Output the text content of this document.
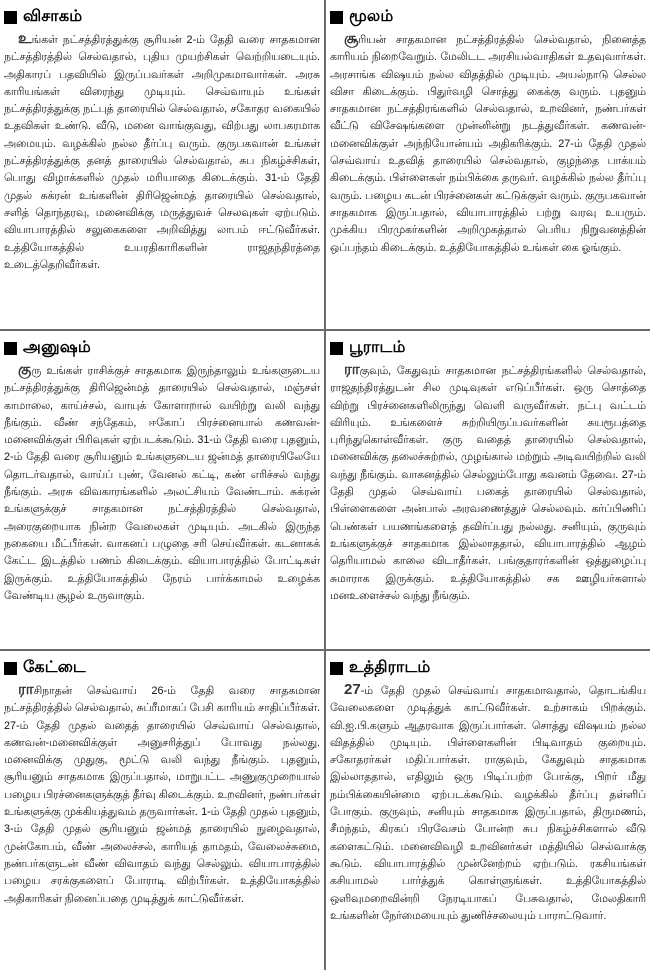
விசாகம்

உங்கள் நட்சத்திரத்துக்கு சூரியன் 2-ம் தேதி வரை சாதகமான நட்சத்திரத்தில் செல்வதால், புதிய முயற்சிகள் வெற்றியடையும். அதிகாரப் பதவியில் இருப்பவர்கள் அறிமுகமாவார்கள். அரசு காரியங்கள் விரைந்து முடியும். செவ்வாயும் உங்கள் நட்சத்திரத்துக்கு நட்புத் தாரையில் செல்வதால், சகோதர வகையில் உதவிகள் உண்டு. வீடு, மனை வாங்குவது, விற்பது லாபகரமாக அமையும். வழக்கில் நல்ல தீர்ப்பு வரும். குருபகவான் உங்கள் நட்சத்திரத்துக்கு தனத் தாரையில் செல்வதால், சுப நிகழ்ச்சிகள், பொது விழாக்களில் முதல் மரியாதை கிடைக்கும். 31-ம் தேதி முதல் சுக்ரன் உங்களின் திரிஜென்மத் தாரையில் செல்வதால், சளித் தொந்தரவு, மனைவிக்கு மருத்துவச் செலவுகள் ஏற்படும். வியாபாரத்தில் சலுகைகளை அறிவித்து லாபம் ஈட்டுவீர்கள். உத்தியோகத்தில் உயரதிகாரிகளின் ராஜதந்திரத்தை உடைத்தெறிவீர்கள்.

மூலம்

சூரியன் சாதகமான நட்சத்திரத்தில் செல்வதால், நினைத்த காரியம் நிறைவேறும். மேலிடட அரசியல்வாதிகள் உதவுவார்கள். அரசாங்க விஷயம் நல்ல விதத்தில் முடியும். அயல்நாடு செல்ல விசா கிடைக்கும். பிதுர்வழி சொத்து கைக்கு வரும். புதனும் சாதகமான நட்சத்திரங்களில் செல்வதால், உறவினர், நண்பர்கள் வீட்டு விசேஷங்களை முன்னின்று நடத்துவீர்கள். கணவன்-மனைவிக்குள் அந்நியோன்யம் அதிகரிக்கும். 27-ம் தேதி முதல் செவ்வாய் உதவித் தாரையில் செல்வதால், குழந்தை பாக்யம் கிடைக்கும். பிள்ளைகள் நம்பிக்கை தருவர். வழக்கில் நல்ல தீர்ப்பு வரும். பழைய கடன் பிரச்னைகள் கட்டுக்குள் வரும். குருபகவான் சாதகமாக இருப்பதால், வியாபாரத்தில் பற்று வரவு உயரும். முக்கிய பிரமுகர்களின் அறிமுகத்தால் பெரிய நிறுவனத்தின் ஒப்பந்தம் கிடைக்கும். உத்தியோகத்தில் உங்கள் கை ஓங்கும்.

அனுஷம்

குரு உங்கள் ராசிக்குச் சாதகமாக இருந்தாலும் உங்களுடைய நட்சத்திரத்துக்கு திரிஜென்மத் தாரையில் செல்வதால், மஞ்சள் காமாலை, காய்ச்சல், வாயுக் கோளாறால் வயிற்று வலி வந்து நீங்கும். வீண் சந்தேகம், ஈகோப் பிரச்னையால் கணவன்-மனைவிக்குள் பிரிவுகள் ஏற்படக்கூடும். 31-ம் தேதி வரை புதனும், 2-ம் தேதி வரை சூரியனும் உங்களுடைய ஜன்மத் தாரையிலேயே தொடர்வதால், வாய்ப் புண், வேனல் கட்டி, கண் எரிச்சல் வந்து நீங்கும். அரசு விவகாரங்களில் அலட்சியம் வேண்டாம். சுக்ரன் உங்களுக்குச் சாதகமான நட்சத்திரத்தில் செல்வதால், அரைகுறையாக நின்ற வேலைகள் முடியும். அடகில் இருந்த நகையை மீட்பீர்கள். வாகனப் பழுதை சரி செய்வீர்கள். கடனாகக் கேட்ட இடத்தில் பணம் கிடைக்கும். வியாபாரத்தில் போட்டிகள் இருக்கும். உத்தியோகத்தில் நேரம் பார்க்காமல் உழைக்க வேண்டிய சூழல் உருவாகும்.

பூராடம்

ராகுவும், கேதுவும் சாதகமான நட்சத்திரங்களில் செல்வதால், ராஜதந்திரத்துடன் சில முடிவுகள் எடுப்பீர்கள். ஒரு சொத்தை விற்று பிரச்னைகளிலிருந்து வெளி வருவீர்கள். நட்பு வட்டம் விரியும். உங்களைச் சுற்றியிருப்பவர்களின் சுயரூபத்தை புரிந்துகொள்வீர்கள். குரு வதைத் தாரையில் செல்வதால், மனைவிக்கு தலைச்சுற்றல், முழங்கால் மற்றும் அடிவயிற்றில் வலி வந்து நீங்கும். வாகனத்தில் செல்லும்போது கவனம் தேவை. 27-ம் தேதி முதல் செவ்வாய் பகைத் தாரையில் செல்வதால், பிள்ளைகளை அன்பால் அரவணைத்துச் செல்லவும். கர்ப்பிணிப் பெண்கள் பயணங்களைத் தவிர்ப்பது நல்லது. சனியும், குருவும் உங்களுக்குச் சாதகமாக இல்லாததால், வியாபாரத்தில் ஆழம் தெரியாமல் காலை விடாதீர்கள். பங்குதாரர்களின் ஒத்துழைப்பு சுமாராக இருக்கும். உத்தியோகத்தில் சக ஊழியர்களால் மனஉளைச்சல் வந்து நீங்கும்.

கேட்டை

ராசிநாதன் செவ்வாய் 26-ம் தேதி வரை சாதகமான நட்சத்திரத்தில் செல்வதால், சுப்ரீமாகப் பேசி காரியம் சாதிப்பீர்கள். 27-ம் தேதி முதல் வதைத் தாரையில் செவ்வாய் செல்வதால், கணவன்-மனைவிக்குள் அனுசரித்துப் போவது நல்லது. மனைவிக்கு முதுகு, மூட்டு வலி வந்து நீங்கும். புதனும், சூரியனும் சாதகமாக இருப்பதால், மாறுபட்ட அணுகுமுறையால் பழைய பிரச்னைகளுக்குத் தீர்வு கிடைக்கும். உறவினர், நண்பர்கள் உங்களுக்கு முக்கியத்துவம் தருவார்கள். 1-ம் தேதி முதல் புதனும், 3-ம் தேதி முதல் சூரியனும் ஜன்மத் தாரையில் நுழைவதால், முன்கோபம், வீண் அலைச்சல், காரியத் தாமதம், வேலைச்சுமை, நண்பர்களுடன் வீண் விவாதம் வந்து செல்லும். வியாபாரத்தில் பழைய சரக்குகளைப் போராடி விற்பீர்கள். உத்தியோகத்தில் அதிகாரிகள் நினைப்பதை முடித்துக் காட்டுவீர்கள்.

உத்திராடம்

27-ம் தேதி முதல் செவ்வாய் சாதகமாவதால், தொடங்கிய வேலைகளை முடித்துக் காட்டுவீர்கள். உற்சாகம் பிறக்கும். வி.ஐ.பி.களும் ஆதரவாக இருப்பார்கள். சொத்து விஷயம் நல்ல விதத்தில் முடியும். பிள்ளைகளின் பிடிவாதம் குறையும். சகோதரர்கள் மதிப்பார்கள். ராகுவும், கேதுவும் சாதகமாக இல்லாததால், எதிலும் ஒரு பிடிப்பற்ற போக்கு, பிறர் மீது நம்பிக்கையின்மை ஏற்படக்கூடும். வழக்கில் தீர்ப்பு தள்ளிப் போகும். குருவும், சனியும் சாதகமாக இருப்பதால், திருமணம், சீமந்தம், கிரகப் பிரவேசம் போன்ற சுப நிகழ்ச்சிகளால் வீடு களைகட்டும். மனைவிவழி உறவினர்கள் மத்தியில் செல்வாக்கு கூடும். வியாபாரத்தில் முன்னேற்றம் ஏற்படும். ரகசியங்கள் கசியாமல் பார்த்துக் கொள்ளுங்கள். உத்தியோகத்தில் ஒளிவுமறைவின்றி நேரடியாகப் பேசுவதால், மேலதிகாரி உங்களின் நேர்மையையும் துணிச்சலையும் பாராட்டுவார்.
